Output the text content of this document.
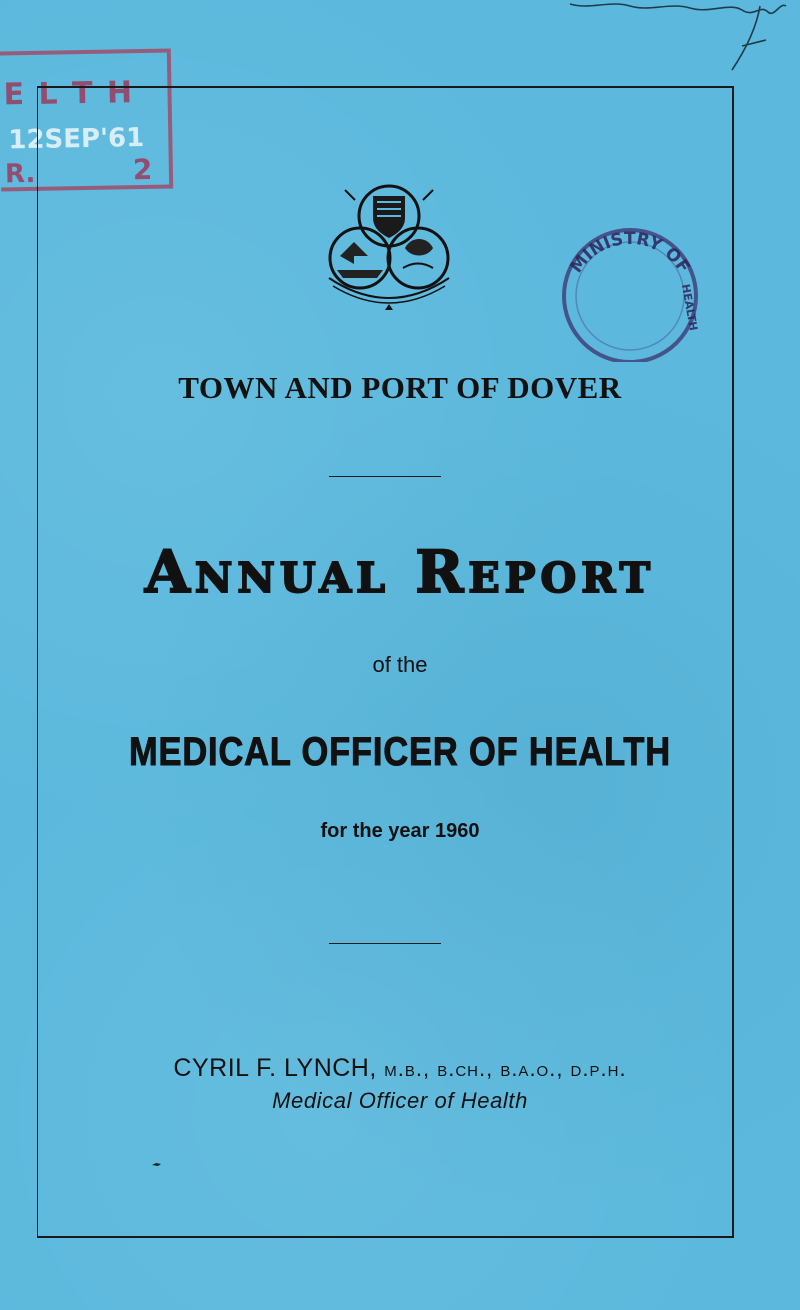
E L T H
12SEP'61
R.	2
MINISTRY OF
HEALTH
TOWN AND PORT OF DOVER
Annual Report
of the
MEDICAL OFFICER OF HEALTH
for the year 1960
CYRIL F. LYNCH, m.b., b.ch., b.a.o., d.p.h.
Medical Officer of Health
